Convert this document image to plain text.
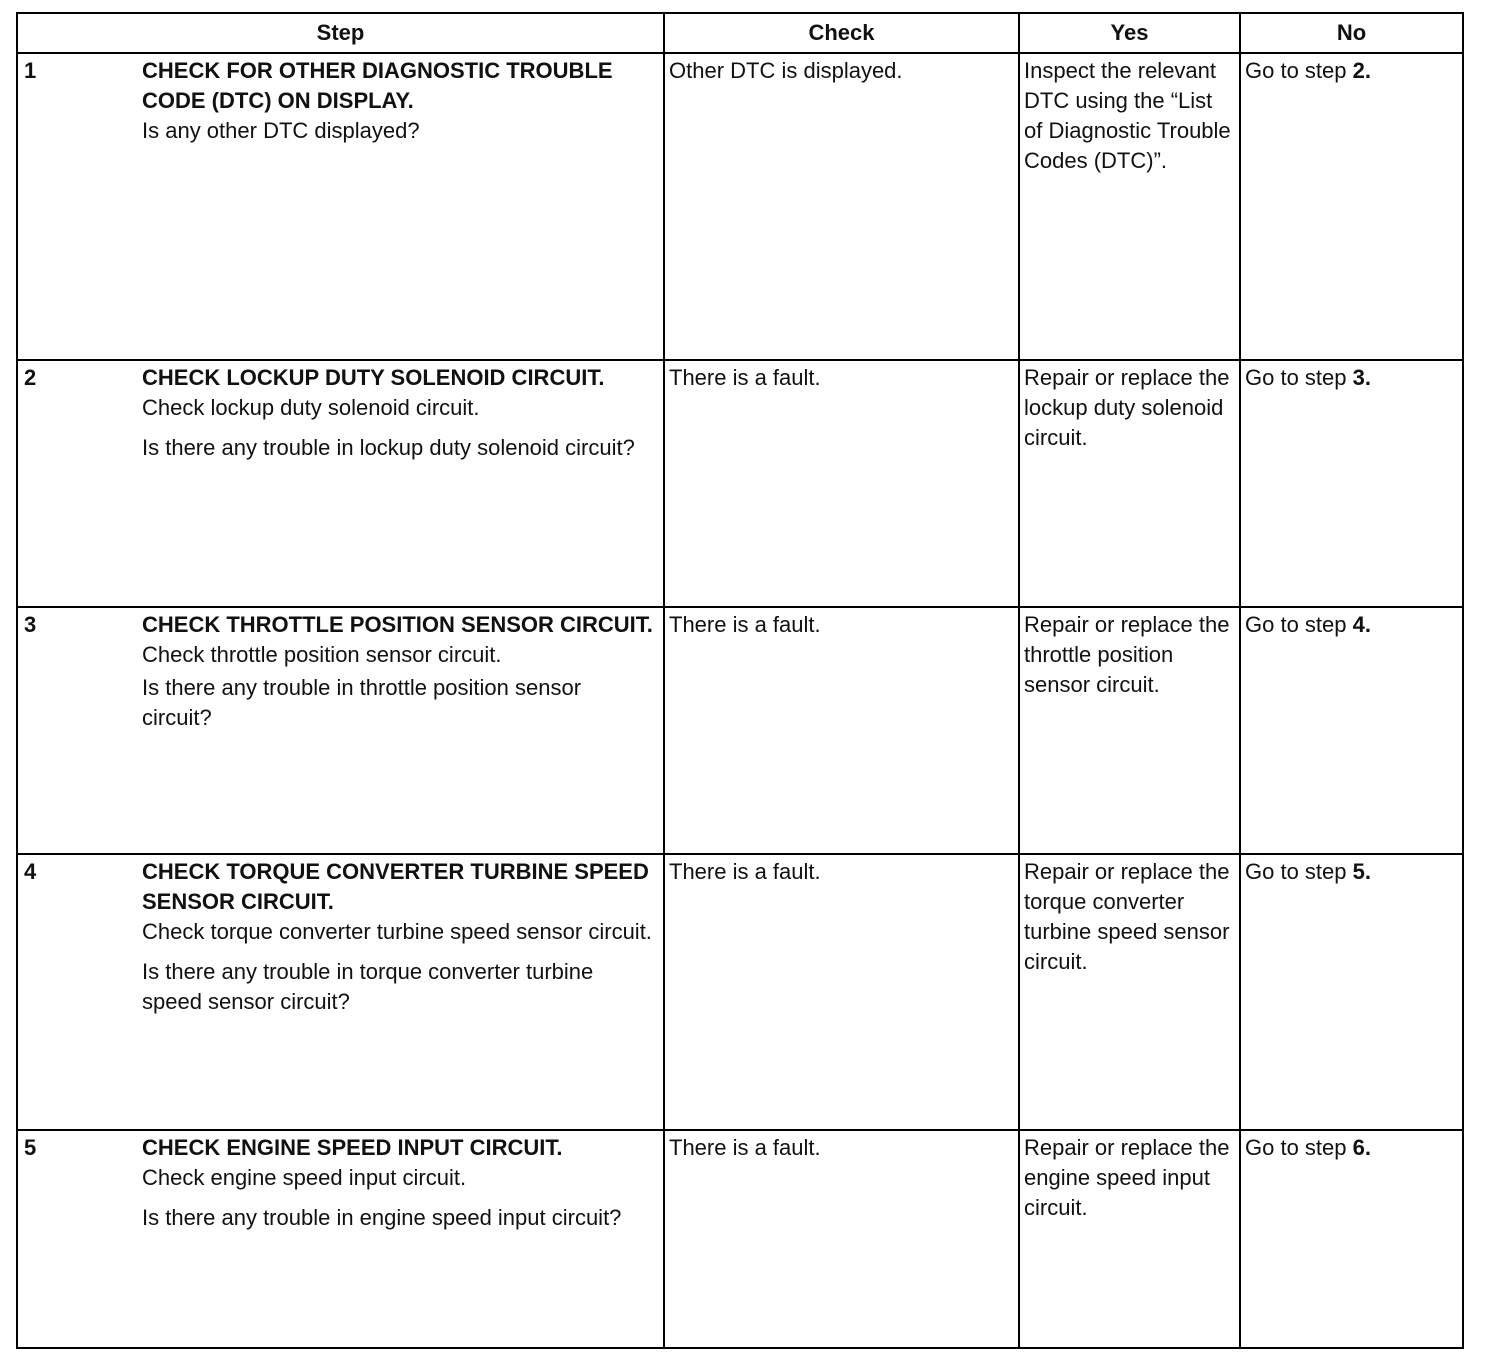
Step	Check	Yes	No

1 CHECK FOR OTHER DIAGNOSTIC TROUBLE CODE (DTC) ON DISPLAY.
Is any other DTC displayed?	Other DTC is displayed.	Inspect the relevant DTC using the “List of Diagnostic Trouble Codes (DTC)”.	Go to step 2.

2 CHECK LOCKUP DUTY SOLENOID CIRCUIT.
Check lockup duty solenoid circuit.
Is there any trouble in lockup duty solenoid circuit?	There is a fault.	Repair or replace the lockup duty solenoid circuit.	Go to step 3.

3 CHECK THROTTLE POSITION SENSOR CIRCUIT.
Check throttle position sensor circuit.
Is there any trouble in throttle position sensor circuit?	There is a fault.	Repair or replace the throttle position sensor circuit.	Go to step 4.

4 CHECK TORQUE CONVERTER TURBINE SPEED SENSOR CIRCUIT.
Check torque converter turbine speed sensor circuit.
Is there any trouble in torque converter turbine speed sensor circuit?	There is a fault.	Repair or replace the torque converter turbine speed sensor circuit.	Go to step 5.

5 CHECK ENGINE SPEED INPUT CIRCUIT.
Check engine speed input circuit.
Is there any trouble in engine speed input circuit?	There is a fault.	Repair or replace the engine speed input circuit.	Go to step 6.
